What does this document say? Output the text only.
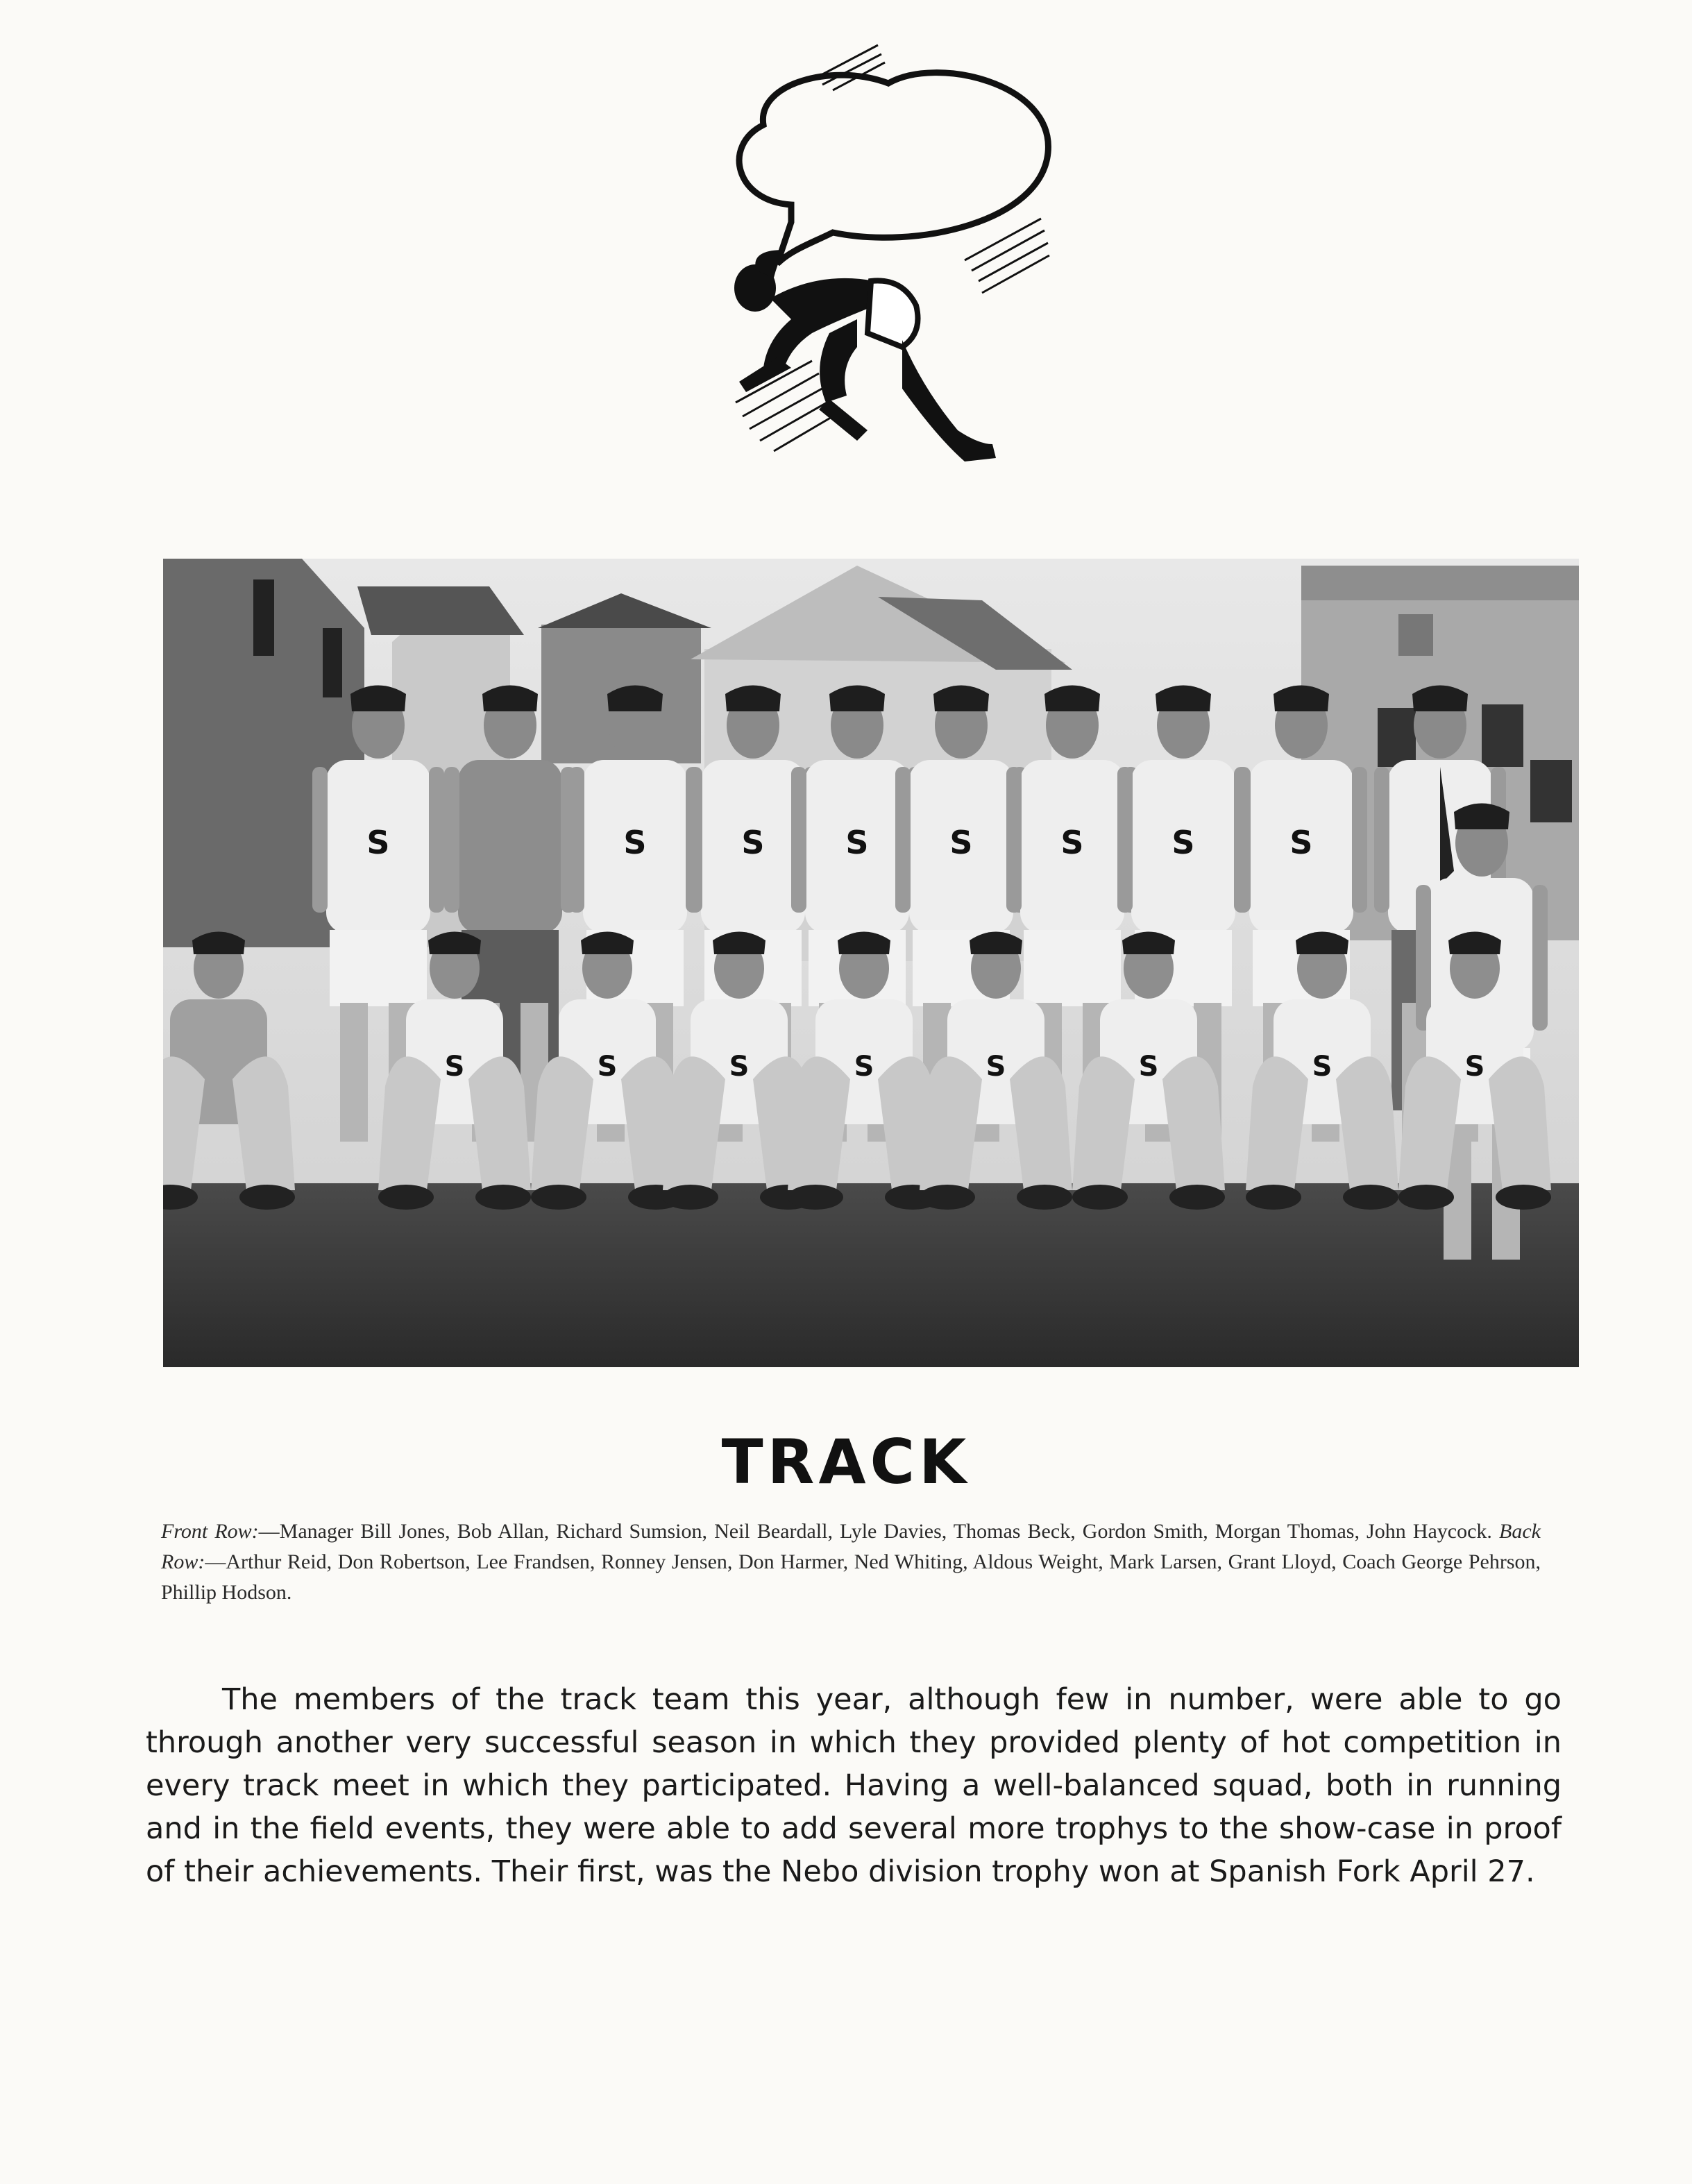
S	S	S	S	S	S	S	S
S	S	S	S	S	S	S	S
TRACK
Front Row:—Manager Bill Jones, Bob Allan, Richard Sumsion, Neil Beardall, Lyle Davies, Thomas Beck, Gordon Smith, Morgan Thomas, John Haycock. Back Row:—Arthur Reid, Don Robertson, Lee Frandsen, Ronney Jensen, Don Harmer, Ned Whiting, Aldous Weight, Mark Larsen, Grant Lloyd, Coach George Pehrson, Phillip Hodson.
The members of the track team this year, although few in number, were able to go through another very successful season in which they provided plenty of hot competition in every track meet in which they participated. Having a well-balanced squad, both in running and in the field events, they were able to add several more trophys to the show-case in proof of their achievements. Their first, was the Nebo division trophy won at Spanish Fork April 27.
